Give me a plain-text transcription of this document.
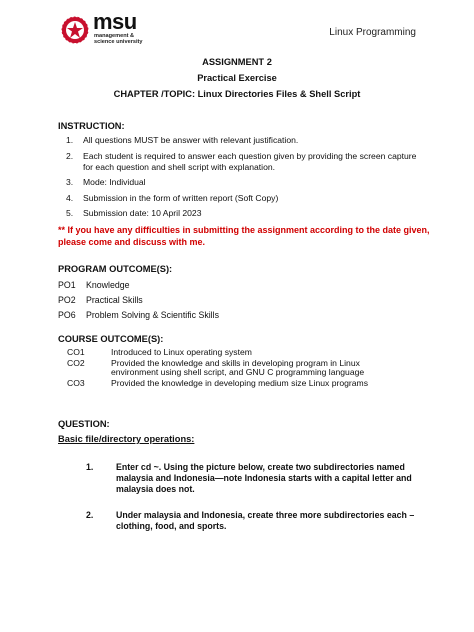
msu
management &
science university
Linux Programming
ASSIGNMENT 2
Practical Exercise
CHAPTER /TOPIC: Linux Directories Files & Shell Script
INSTRUCTION:
1. All questions MUST be answer with relevant justification.
2. Each student is required to answer each question given by providing the screen capture for each question and shell script with explanation.
3. Mode: Individual
4. Submission in the form of written report (Soft Copy)
5. Submission date: 10 April 2023
** If you have any difficulties in submitting the assignment according to the date given, please come and discuss with me.
PROGRAM OUTCOME(S):
PO1 Knowledge
PO2 Practical Skills
PO6 Problem Solving & Scientific Skills
COURSE OUTCOME(S):
CO1	Introduced to Linux operating system
CO2	Provided the knowledge and skills in developing program in Linux environment using shell script, and GNU C programming language
CO3	Provided the knowledge in developing medium size Linux programs
QUESTION:
Basic file/directory operations:
1.	Enter cd ~. Using the picture below, create two subdirectories named malaysia and Indonesia—note Indonesia starts with a capital letter and malaysia does not.
2.	Under malaysia and Indonesia, create three more subdirectories each – clothing, food, and sports.
